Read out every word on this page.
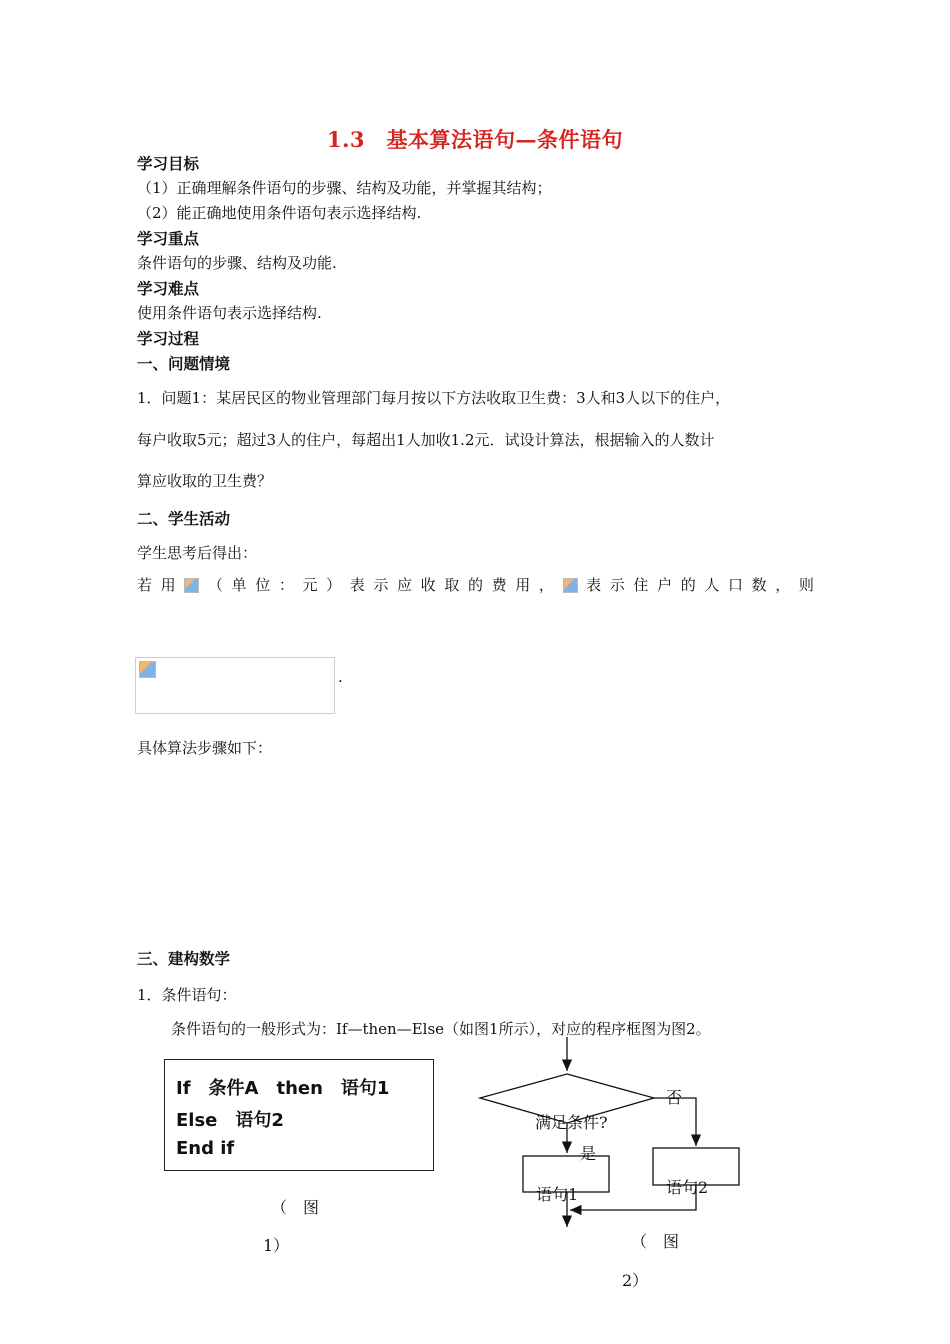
1.3　基本算法语句—条件语句
学习目标
（1）正确理解条件语句的步骤、结构及功能，并掌握其结构；
（2）能正确地使用条件语句表示选择结构.
学习重点
条件语句的步骤、结构及功能.
学习难点
使用条件语句表示选择结构.
学习过程
一、问题情境
1．问题1：某居民区的物业管理部门每月按以下方法收取卫生费：3人和3人以下的住户，
每户收取5元；超过3人的住户，每超出1人加收1.2元．试设计算法，根据输入的人数计
算应收取的卫生费？
二、学生活动
学生思考后得出：
若 用 （ 单 位 ： 元 ） 表 示 应 收 取 的 费 用 ， 表 示 住 户 的 人 口 数 ， 则
.
具体算法步骤如下：
三、建构数学
1．条件语句：
条件语句的一般形式为：If—then—Else（如图1所示），对应的程序框图为图2。
If　条件A　then　语句1
Else　语句2
End if
（ 图
1）
满足条件?
否
是
语句1	语句2
（ 图
2）
